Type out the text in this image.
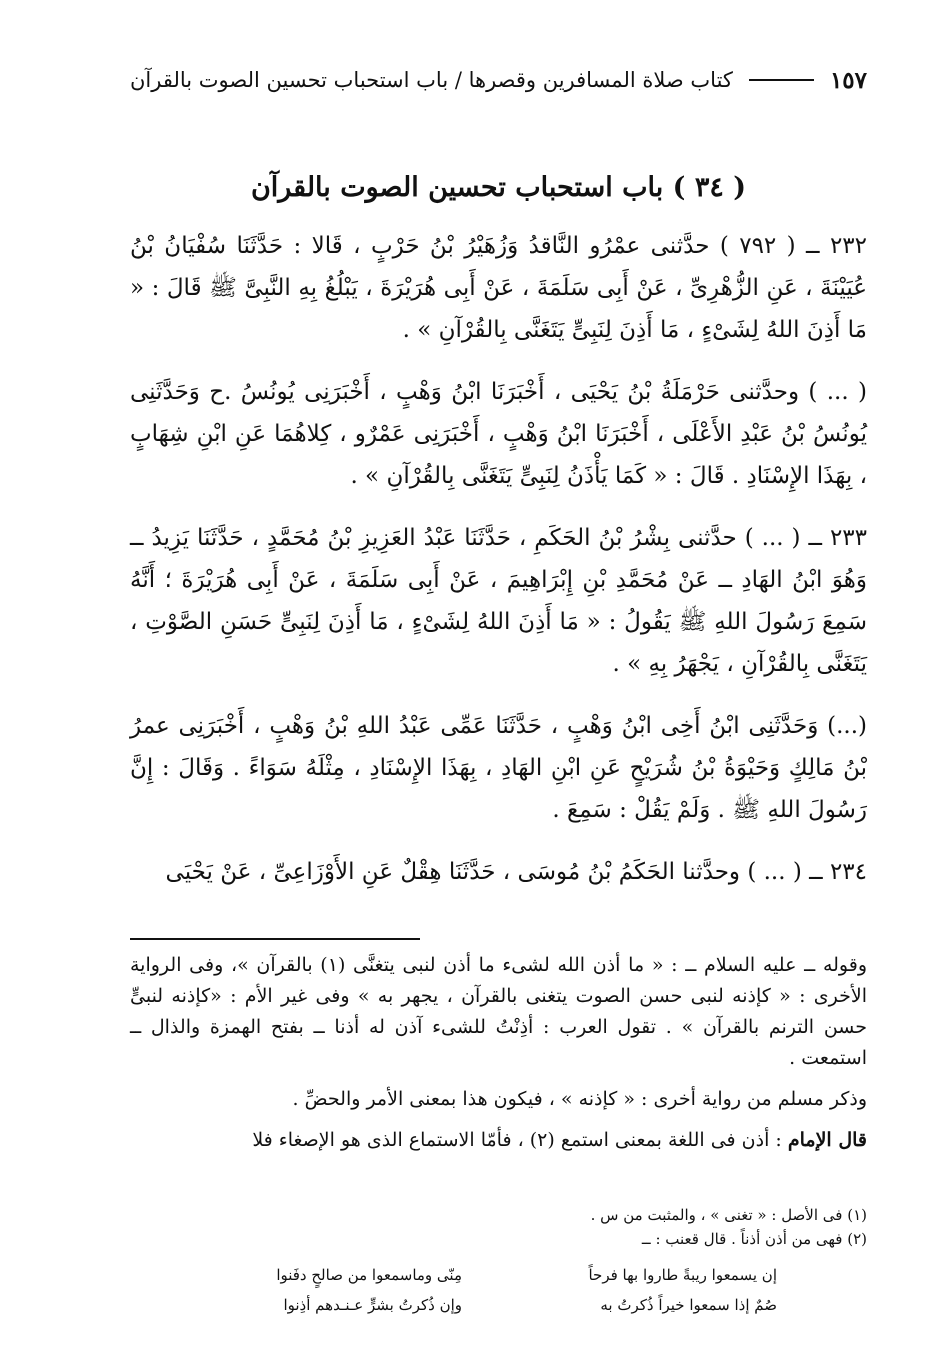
كتاب صلاة المسافرين وقصرها / باب استحباب تحسين الصوت بالقرآن	١٥٧
( ٣٤ ) باب استحباب تحسين الصوت بالقرآن

٢٣٢ ــ ( ٧٩٢ ) حدَّثنى عمْرُو النَّاقدُ وَزُهَيْرُ بْنُ حَرْبٍ ، قَالا : حَدَّثَنَا سُفْيَانُ بْنُ عُيَيْنَةَ ، عَنِ الزُّهْرِىِّ ، عَنْ أَبِى سَلَمَةَ ، عَنْ أَبِى هُرَيْرَةَ ، يَبْلُغُ بِهِ النَّبِىَّ ﷺ قَالَ : « مَا أَذِنَ اللهُ لِشَىْءٍ ، مَا أَذِنَ لِنَبِىٍّ يَتَغَنَّى بِالقُرْآنِ » .

( ... ) وحدَّثنى حَرْمَلَةُ بْنُ يَحْيَى ، أَخْبَرَنَا ابْنُ وَهْبٍ ، أَخْبَرَنِى يُونُسُ .ح وَحَدَّثَنِى يُونُسُ بْنُ عَبْدِ الأَعْلَى ، أَخْبَرَنَا ابْنُ وَهْبٍ ، أَخْبَرَنِى عَمْرٌو ، كِلاهُمَا عَنِ ابْنِ شِهَابٍ ، بِهَذَا الإِسْنَادِ . قَالَ : « كَمَا يَأْذَنُ لِنَبِىٍّ يَتَغَنَّى بِالقُرْآنِ » .

٢٣٣ ــ ( ... ) حدَّثنى بِشْرُ بْنُ الحَكَمِ ، حَدَّثَنَا عَبْدُ العَزِيزِ بْنُ مُحَمَّدٍ ، حَدَّثَنَا يَزِيدُ ــ وَهُوَ ابْنُ الهَادِ ــ عَنْ مُحَمَّدِ بْنِ إِبْرَاهِيمَ ، عَنْ أَبِى سَلَمَةَ ، عَنْ أَبِى هُرَيْرَةَ ؛ أَنَّهُ سَمِعَ رَسُولَ اللهِ ﷺ يَقُولُ : « مَا أَذِنَ اللهُ لِشَىْءٍ ، مَا أَذِنَ لِنَبِىٍّ حَسَنِ الصَّوْتِ ، يَتَغَنَّى بِالقُرْآنِ ، يَجْهَرُ بِهِ » .

(...) وَحَدَّثَنِى ابْنُ أَخِى ابْنُ وَهْبٍ ، حَدَّثَنَا عَمِّى عَبْدُ اللهِ بْنُ وَهْبٍ ، أَخْبَرَنِى عمرُ بْنُ مَالِكٍ وَحَيْوَةُ بْنُ شُرَيْحٍ عَنِ ابْنِ الهَادِ ، بِهَذَا الإِسْنَادِ ، مِثْلَهُ سَوَاءً . وَقَالَ : إِنَّ رَسُولَ اللهِ ﷺ . وَلَمْ يَقُلْ : سَمِعَ .

٢٣٤ ــ ( ... ) وحدَّثنا الحَكَمُ بْنُ مُوسَى ، حَدَّثَنَا هِقْلٌ عَنِ الأَوْزَاعِىِّ ، عَنْ يَحْيَى

وقوله ــ عليه السلام ــ : « ما أذن الله لشىء ما أذن لنبى يتغنَّى (١) بالقرآن »، وفى الرواية الأخرى : « كإذنه لنبى حسن الصوت يتغنى بالقرآن ، يجهر به » وفى غير الأم : «كإذنه لنبىٍّ حسن الترنم بالقرآن » . تقول العرب : أذِنْتُ للشىء آذن له أذنا ــ بفتح الهمزة والذال ــ استمعت .

وذكر مسلم من رواية أخرى : « كإذنه » ، فيكون هذا بمعنى الأمر والحضِّ .

قال الإمام : أذن فى اللغة بمعنى استمع (٢) ، فأمّا الاستماع الذى هو الإصغاء فلا

(١) فى الأصل : « تغنى » ، والمثبت من س .

(٢) فهى من أذن أذناً . قال قعنب : ــ

إن يسمعوا ريبةً طاروا بها فرحاً
مِنّى وماسمعوا من صالحٍ دفَنوا
صُمٌ إذا سمعوا خيراً ذُكرتُ به
وإن ذُكرتُ بشرٍّ عـنـدهم أذِنوا
